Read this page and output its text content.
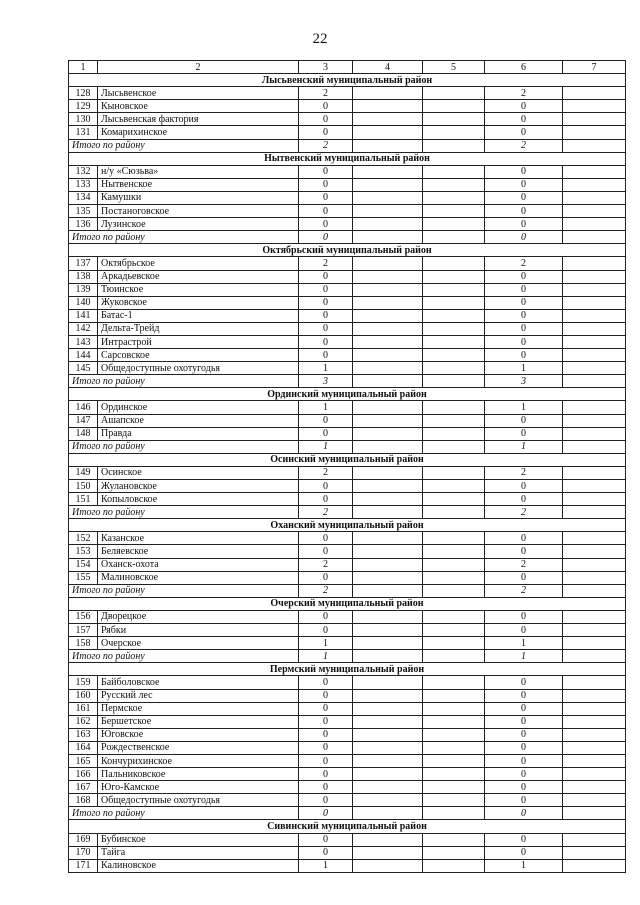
22
1	2	3	4	5	6	7
Лысьвенский муниципальный район						
128	Лысьвенское	2			2	
129	Кыновское	0			0	
130	Лысьвенская фактория	0			0	
131	Комарихинское	0			0	
Итого по району		2			2	
Нытвенский муниципальный район						
132	н/у «Сюзьва»	0			0	
133	Нытвенское	0			0	
134	Камушки	0			0	
135	Постаноговское	0			0	
136	Лузинское	0			0	
Итого по району		0			0	
Октябрьский муниципальный район						
137	Октябрьское	2			2	
138	Аркадьевское	0			0	
139	Тюинское	0			0	
140	Жуковское	0			0	
141	Батас-1	0			0	
142	Дельта-Трейд	0			0	
143	Интрастрой	0			0	
144	Сарсовское	0			0	
145	Общедоступные охотугодья	1			1	
Итого по району		3			3	
Ординский муниципальный район						
146	Ординское	1			1	
147	Ашапское	0			0	
148	Правда	0			0	
Итого по району		1			1	
Осинский муниципальный район						
149	Осинское	2			2	
150	Жулановское	0			0	
151	Копыловское	0			0	
Итого по району		2			2	
Оханский муниципальный район						
152	Казанское	0			0	
153	Беляевское	0			0	
154	Оханск-охота	2			2	
155	Малиновское	0			0	
Итого по району		2			2	
Очерский муниципальный район						
156	Дворецкое	0			0	
157	Рябки	0			0	
158	Очерское	1			1	
Итого по району		1			1	
Пермский муниципальный район						
159	Байболовское	0			0	
160	Русский лес	0			0	
161	Пермское	0			0	
162	Бершетское	0			0	
163	Юговское	0			0	
164	Рождественское	0			0	
165	Кончурихинское	0			0	
166	Пальниковское	0			0	
167	Юго-Камское	0			0	
168	Общедоступные охотугодья	0			0	
Итого по району		0			0	
Сивинский муниципальный район						
169	Бубинское	0			0	
170	Тайга	0			0	
171	Калиновское	1			1	
